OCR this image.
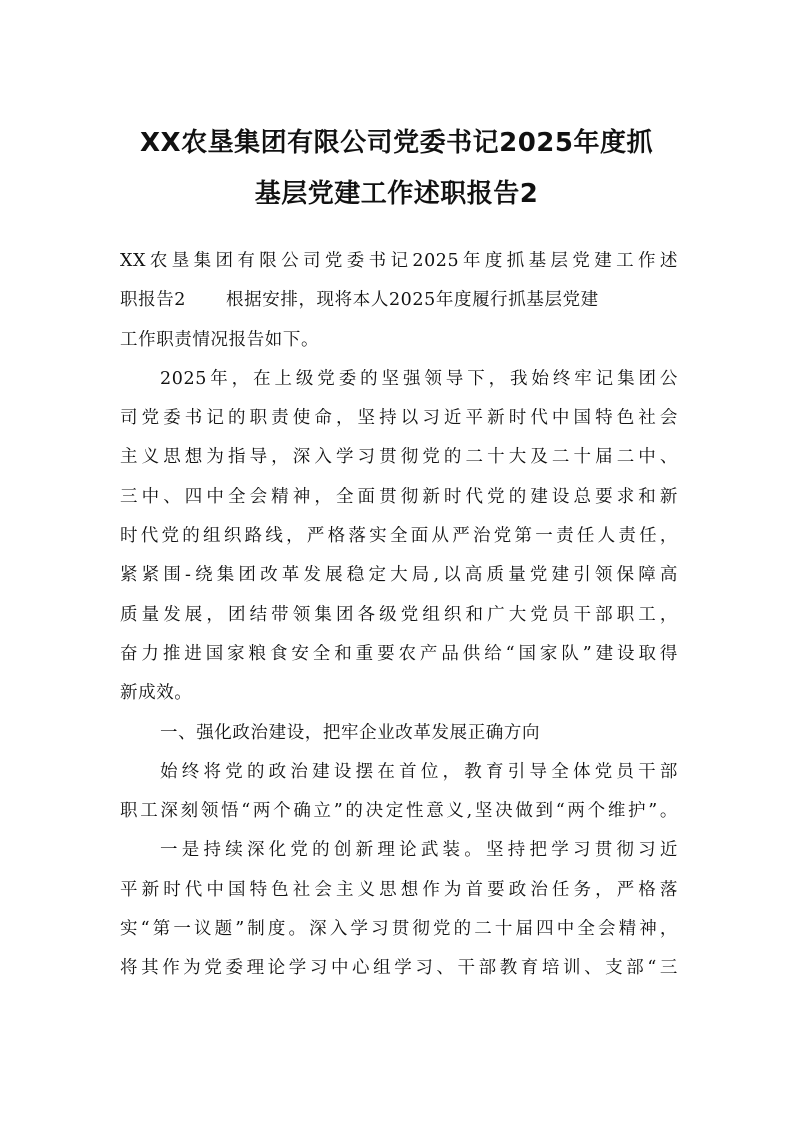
XX农垦集团有限公司党委书记2025年度抓
基层党建工作述职报告2
XX农垦集团有限公司党委书记2025年度抓基层党建工作述
职报告2 根据安排，现将本人2025年度履行抓基层党建
工作职责情况报告如下。
2025年，在上级党委的坚强领导下，我始终牢记集团公
司党委书记的职责使命，坚持以习近平新时代中国特色社会
主义思想为指导，深入学习贯彻党的二十大及二十届二中、
三中、四中全会精神，全面贯彻新时代党的建设总要求和新
时代党的组织路线，严格落实全面从严治党第一责任人责任，
紧紧围-绕集团改革发展稳定大局,以高质量党建引领保障高
质量发展，团结带领集团各级党组织和广大党员干部职工，
奋力推进国家粮食安全和重要农产品供给“国家队”建设取得
新成效。
一、强化政治建设，把牢企业改革发展正确方向
始终将党的政治建设摆在首位，教育引导全体党员干部
职工深刻领悟“两个确立”的决定性意义,坚决做到“两个维护”。
一是持续深化党的创新理论武装。坚持把学习贯彻习近
平新时代中国特色社会主义思想作为首要政治任务，严格落
实“第一议题”制度。深入学习贯彻党的二十届四中全会精神，
将其作为党委理论学习中心组学习、干部教育培训、支部“三
